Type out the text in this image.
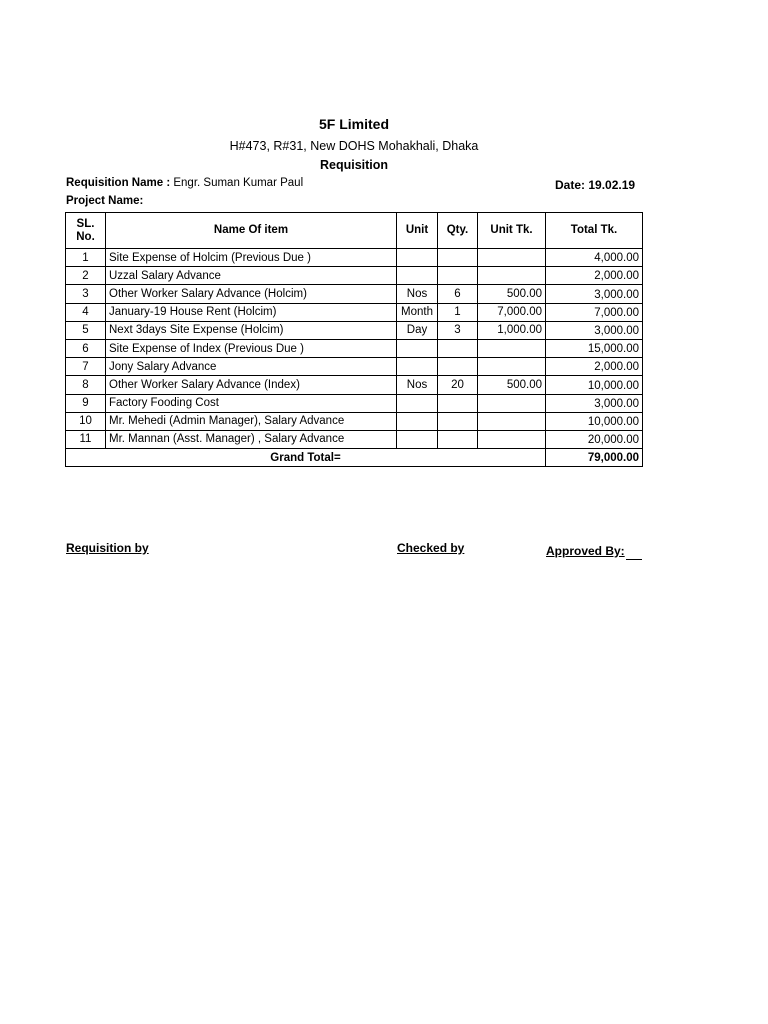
5F Limited
H#473, R#31, New DOHS Mohakhali, Dhaka
Requisition
Requisition Name : Engr. Suman Kumar Paul	Date: 19.02.19
Project Name:
SL.
No.	Name Of item	Unit	Qty.	Unit Tk.	Total Tk.
1	Site Expense of Holcim (Previous Due )				4,000.00
2	Uzzal Salary Advance				2,000.00
3	Other Worker Salary Advance (Holcim)	Nos	6	500.00	3,000.00
4	January-19 House Rent (Holcim)	Month	1	7,000.00	7,000.00
5	Next 3days Site Expense (Holcim)	Day	3	1,000.00	3,000.00
6	Site Expense of Index (Previous Due )				15,000.00
7	Jony Salary Advance				2,000.00
8	Other Worker Salary Advance (Index)	Nos	20	500.00	10,000.00
9	Factory Fooding Cost				3,000.00
10	Mr. Mehedi (Admin Manager), Salary Advance				10,000.00
11	Mr. Mannan (Asst. Manager) , Salary Advance				20,000.00
Grand Total=					79,000.00
Requisition by	Checked by	Approved By:
